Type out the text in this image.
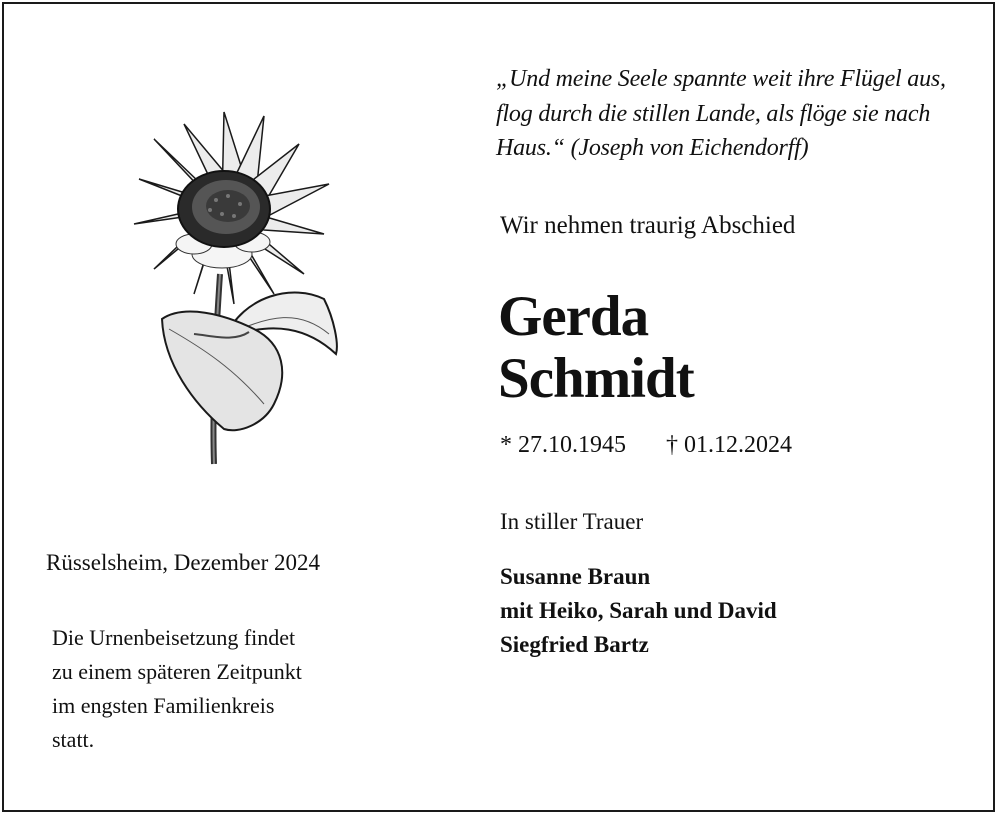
„Und meine Seele spannte weit ihre Flügel aus,
flog durch die stillen Lande, als flöge sie nach
Haus.“ (Joseph von Eichendorff)
Wir nehmen traurig Abschied
Gerda
Schmidt
* 27.10.1945 † 01.12.2024
In stiller Trauer
Susanne Braun
mit Heiko, Sarah und David
Siegfried Bartz
Rüsselsheim, Dezember 2024
Die Urnenbeisetzung findet
zu einem späteren Zeitpunkt
im engsten Familienkreis
statt.
